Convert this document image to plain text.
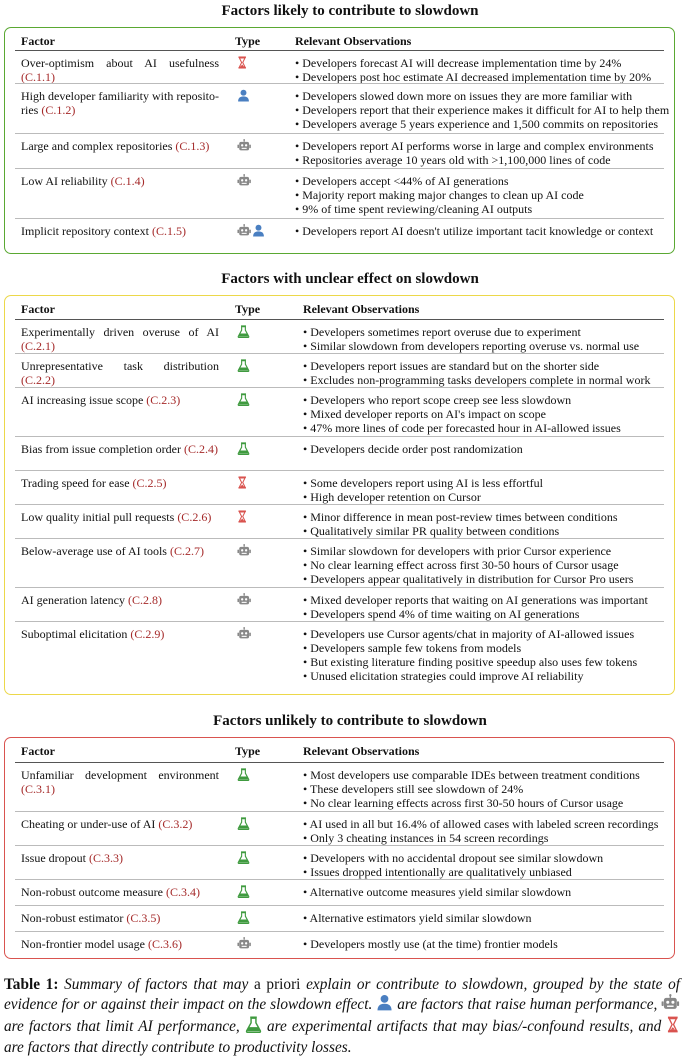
Factors likely to contribute to slowdown
Factor	Type	Relevant Observations
Over-optimism about AI usefulness (C.1.1)
• Developers forecast AI will decrease implementation time by 24%
• Developers post hoc estimate AI decreased implementation time by 20%
High developer familiarity with reposito-ries (C.1.2)
• Developers slowed down more on issues they are more familiar with
• Developers report that their experience makes it difficult for AI to help them
• Developers average 5 years experience and 1,500 commits on repositories
Large and complex repositories (C.1.3)	• Developers report AI performs worse in large and complex environments
• Repositories average 10 years old with >1,100,000 lines of code
Low AI reliability (C.1.4)	• Developers accept <44% of AI generations
• Majority report making major changes to clean up AI code
• 9% of time spent reviewing/cleaning AI outputs
Implicit repository context (C.1.5)	• Developers report AI doesn't utilize important tacit knowledge or context
Factors with unclear effect on slowdown
Factor	Type	Relevant Observations
Experimentally driven overuse of AI (C.2.1)
• Developers sometimes report overuse due to experiment
• Similar slowdown from developers reporting overuse vs. normal use
Unrepresentative task distribution (C.2.2)
• Developers report issues are standard but on the shorter side
• Excludes non-programming tasks developers complete in normal work
AI increasing issue scope (C.2.3)	• Developers who report scope creep see less slowdown
• Mixed developer reports on AI's impact on scope
• 47% more lines of code per forecasted hour in AI-allowed issues
Bias from issue completion order (C.2.4)	• Developers decide order post randomization
Trading speed for ease (C.2.5)	• Some developers report using AI is less effortful
• High developer retention on Cursor
Low quality initial pull requests (C.2.6)	• Minor difference in mean post-review times between conditions
• Qualitatively similar PR quality between conditions
Below-average use of AI tools (C.2.7)	• Similar slowdown for developers with prior Cursor experience
• No clear learning effect across first 30-50 hours of Cursor usage
• Developers appear qualitatively in distribution for Cursor Pro users
AI generation latency (C.2.8)	• Mixed developer reports that waiting on AI generations was important
• Developers spend 4% of time waiting on AI generations
Suboptimal elicitation (C.2.9)	• Developers use Cursor agents/chat in majority of AI-allowed issues
• Developers sample few tokens from models
• But existing literature finding positive speedup also uses few tokens
• Unused elicitation strategies could improve AI reliability
Factors unlikely to contribute to slowdown
Factor	Type	Relevant Observations
Unfamiliar development environment (C.3.1)
• Most developers use comparable IDEs between treatment conditions
• These developers still see slowdown of 24%
• No clear learning effects across first 30-50 hours of Cursor usage
Cheating or under-use of AI (C.3.2)	• AI used in all but 16.4% of allowed cases with labeled screen recordings
• Only 3 cheating instances in 54 screen recordings
Issue dropout (C.3.3)	• Developers with no accidental dropout see similar slowdown
• Issues dropped intentionally are qualitatively unbiased
Non-robust outcome measure (C.3.4)	• Alternative outcome measures yield similar slowdown
Non-robust estimator (C.3.5)	• Alternative estimators yield similar slowdown
Non-frontier model usage (C.3.6)	• Developers mostly use (at the time) frontier models
Table 1: Summary of factors that may a priori explain or contribute to slowdown, grouped by the state of evidence for or against their impact on the slowdown effect. are factors that raise human performance,  are factors that limit AI performance, are experimental artifacts that may bias/-confound results, and  are factors that directly contribute to productivity losses.
